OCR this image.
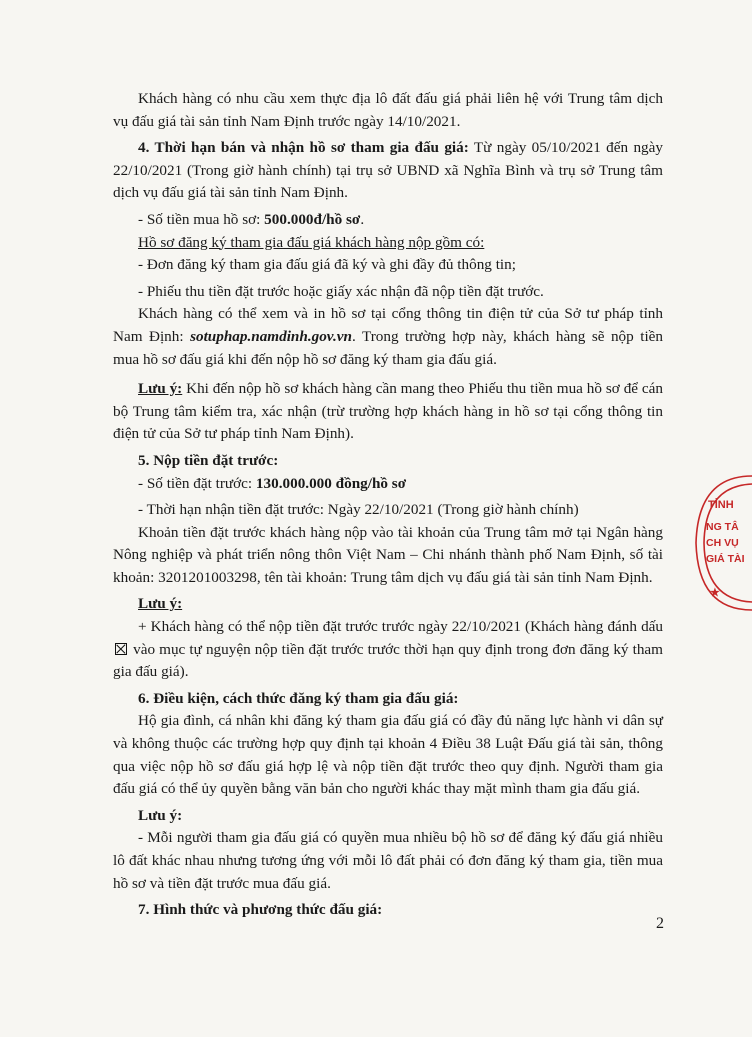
Khách hàng có nhu cầu xem thực địa lô đất đấu giá phải liên hệ với Trung tâm dịch vụ đấu giá tài sản tỉnh Nam Định trước ngày 14/10/2021.

4. Thời hạn bán và nhận hồ sơ tham gia đấu giá: Từ ngày 05/10/2021 đến ngày 22/10/2021 (Trong giờ hành chính) tại trụ sở UBND xã Nghĩa Bình và trụ sở Trung tâm dịch vụ đấu giá tài sản tỉnh Nam Định.

- Số tiền mua hồ sơ: 500.000đ/hồ sơ.

Hồ sơ đăng ký tham gia đấu giá khách hàng nộp gồm có:

- Đơn đăng ký tham gia đấu giá đã ký và ghi đầy đủ thông tin;

- Phiếu thu tiền đặt trước hoặc giấy xác nhận đã nộp tiền đặt trước.

Khách hàng có thể xem và in hồ sơ tại cổng thông tin điện tử của Sở tư pháp tỉnh Nam Định: sotuphap.namdinh.gov.vn. Trong trường hợp này, khách hàng sẽ nộp tiền mua hồ sơ đấu giá khi đến nộp hồ sơ đăng ký tham gia đấu giá.

Lưu ý: Khi đến nộp hồ sơ khách hàng cần mang theo Phiếu thu tiền mua hồ sơ để cán bộ Trung tâm kiểm tra, xác nhận (trừ trường hợp khách hàng in hồ sơ tại cổng thông tin điện tử của Sở tư pháp tỉnh Nam Định).

5. Nộp tiền đặt trước:

- Số tiền đặt trước: 130.000.000 đồng/hồ sơ

- Thời hạn nhận tiền đặt trước: Ngày 22/10/2021 (Trong giờ hành chính)

Khoản tiền đặt trước khách hàng nộp vào tài khoản của Trung tâm mở tại Ngân hàng Nông nghiệp và phát triển nông thôn Việt Nam – Chi nhánh thành phố Nam Định, số tài khoản: 3201201003298, tên tài khoản: Trung tâm dịch vụ đấu giá tài sản tỉnh Nam Định.

Lưu ý:

+ Khách hàng có thể nộp tiền đặt trước trước ngày 22/10/2021 (Khách hàng đánh dấu  vào mục tự nguyện nộp tiền đặt trước trước thời hạn quy định trong đơn đăng ký tham gia đấu giá).

6. Điều kiện, cách thức đăng ký tham gia đấu giá:

Hộ gia đình, cá nhân khi đăng ký tham gia đấu giá có đầy đủ năng lực hành vi dân sự và không thuộc các trường hợp quy định tại khoản 4 Điều 38 Luật Đấu giá tài sản, thông qua việc nộp hồ sơ đấu giá hợp lệ và nộp tiền đặt trước theo quy định. Người tham gia đấu giá có thể ủy quyền bằng văn bản cho người khác thay mặt mình tham gia đấu giá.

Lưu ý:

- Mỗi người tham gia đấu giá có quyền mua nhiều bộ hồ sơ để đăng ký đấu giá nhiều lô đất khác nhau nhưng tương ứng với mỗi lô đất phải có đơn đăng ký tham gia, tiền mua hồ sơ và tiền đặt trước mua đấu giá.

7. Hình thức và phương thức đấu giá:

2
TỈNH
NG TÂ
CH VỤ
GIÁ TÀI
★
